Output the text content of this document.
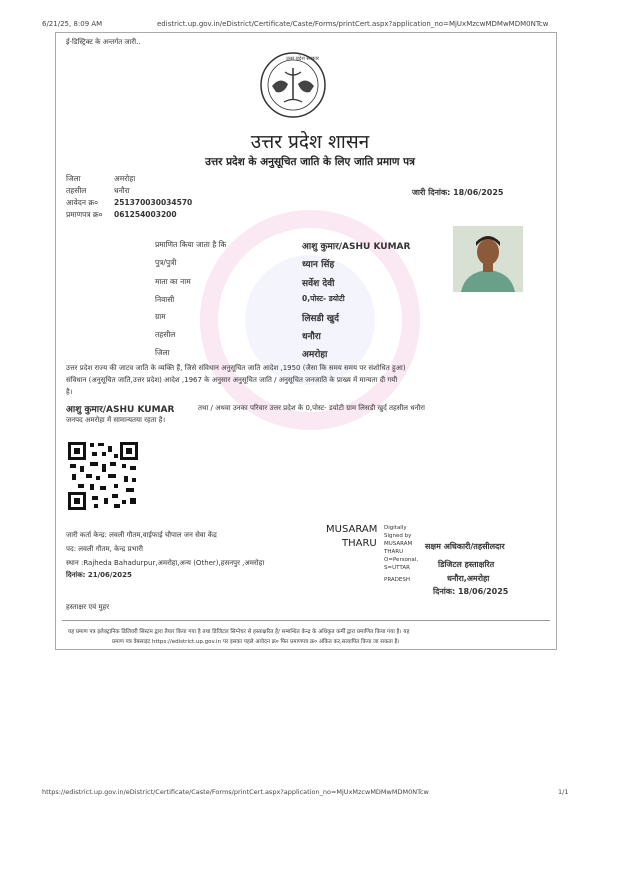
6/21/25, 8:09 AM	edistrict.up.gov.in/eDistrict/Certificate/Caste/Forms/printCert.aspx?application_no=MjUxMzcwMDMwMDM0NTcw
ई-डिस्ट्रिक्ट के अन्तर्गत जारी..
उत्तर प्रदेश सरकार
उत्तर प्रदेश शासन
उत्तर प्रदेश के अनुसूचित जाति के लिए जाति प्रमाण पत्र
जिला	अमरोहा
तहसील	धनौरा
आवेदन क्र० 251370030034570
प्रमाणपत्र क्र० 061254003200
जारी दिनांक: 18/06/2025
प्रमाणित किया जाता है कि	आशु कुमार/ASHU KUMAR
पुत्र/पुत्री	ध्यान सिंह
माता का नाम	सर्वेश देवी
निवासी	0,पोस्ट- डयोटी
ग्राम	लिसडी खुर्द
तहसील	धनौरा
जिला	अमरोहा
उत्तर प्रदेश राज्य की जाटव जाति के व्यक्ति हैं, जिसे संविधान अनुसूचित जाति आदेश ,1950 (जैसा कि समय समय पर संशोधित हुआ)
संविधान (अनुसूचित जाति,उत्तर प्रदेश) आदेश ,1967 के अनुसार अनुसूचित जाति / अनुसूचित जनजाति के प्राख्य में मान्यता दी गयी
है।
आशु कुमार/ASHU KUMAR	तथा / अथवा उनका परिवार उत्तर प्रदेश के 0,पोस्ट- डयोटी ग्राम लिसडी खुर्द तहसील धनौरा
जनपद अमरोहा में सामान्यतया रहता है।
जारी कर्ता केन्द्र: लवली गौतम,वाईफाई चौपाल जन सेवा केंद्र
पद: लवली गौतम, केन्द्र प्रभारी
स्थान :Rajheda Bahadurpur,अमरोहा,अन्य (Other),हसनपुर ,अमरोहा
दिनांक: 21/06/2025
MUSARAM
THARU
Digitally
Signed by
MUSARAM
THARU
O=Personal,
S=UTTAR
PRADESH
सक्षम अधिकारी/तहसीलदार
डिजिटल हस्ताक्षरित
धनौरा,अमरोहा
दिनांक: 18/06/2025
हस्ताक्षर एवं मुहर
यह प्रमाण पत्र इलेक्ट्रानिक डिलिवरी सिस्टम द्वारा तैयार किया गया है तथा डिजिटल सिग्नेचर से हस्ताक्षरित है/ सम्बन्धित केन्द्र के अधिकृत कर्मी द्वारा प्रमाणित किया गया है। यह
प्रमाण पत्र वेबसाइट https://edistrict.up.gov.in पर इसका पहले आवेदन क्र० फिर प्रमाणपत्र क्र० अंकित कर,सत्यापित किया जा सकता है।
https://edistrict.up.gov.in/eDistrict/Certificate/Caste/Forms/printCert.aspx?application_no=MjUxMzcwMDMwMDM0NTcw	1/1
